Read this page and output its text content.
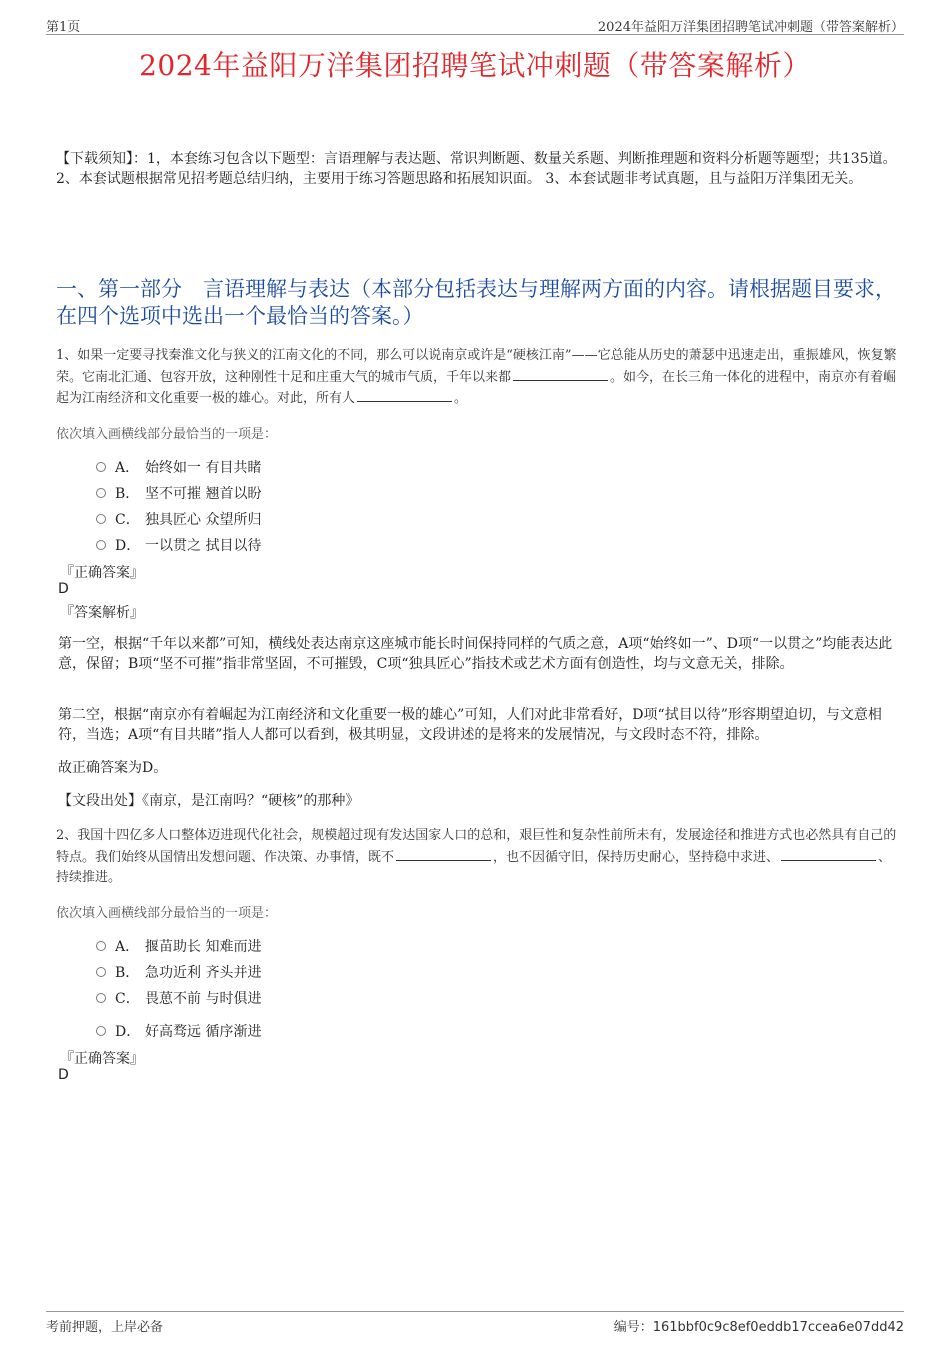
第1页	2024年益阳万洋集团招聘笔试冲刺题（带答案解析）
2024年益阳万洋集团招聘笔试冲刺题（带答案解析）
【下载须知】：1，本套练习包含以下题型：言语理解与表达题、常识判断题、数量关系题、判断推理题和资料分析题等题型；共135道。 2、本套试题根据常见招考题总结归纳，主要用于练习答题思路和拓展知识面。 3、本套试题非考试真题，且与益阳万洋集团无关。
一、第一部分　言语理解与表达（本部分包括表达与理解两方面的内容。请根据题目要求，在四个选项中选出一个最恰当的答案。）
1、如果一定要寻找秦淮文化与狭义的江南文化的不同，那么可以说南京或许是“硬核江南”——它总能从历史的萧瑟中迅速走出，重振雄风，恢复繁荣。它南北汇通、包容开放，这种刚性十足和庄重大气的城市气质，千年以来都	。如今，在长三角一体化的进程中，南京亦有着崛起为江南经济和文化重要一极的雄心。对此，所有人	。
依次填入画横线部分最恰当的一项是：
A． 始终如一 有目共睹
B． 坚不可摧 翘首以盼
C． 独具匠心 众望所归
D． 一以贯之 拭目以待
『正确答案』
D
『答案解析』
第一空，根据“千年以来都”可知，横线处表达南京这座城市能长时间保持同样的气质之意，A项“始终如一”、D项“一以贯之”均能表达此意，保留；B项“坚不可摧”指非常坚固，不可摧毁，C项“独具匠心”指技术或艺术方面有创造性，均与文意无关，排除。
第二空，根据“南京亦有着崛起为江南经济和文化重要一极的雄心”可知，人们对此非常看好，D项“拭目以待”形容期望迫切，与文意相符，当选；A项“有目共睹”指人人都可以看到，极其明显，文段讲述的是将来的发展情况，与文段时态不符，排除。
故正确答案为D。
【文段出处】《南京，是江南吗？“硬核”的那种》
2、我国十四亿多人口整体迈进现代化社会，规模超过现有发达国家人口的总和，艰巨性和复杂性前所未有，发展途径和推进方式也必然具有自己的特点。我们始终从国情出发想问题、作决策、办事情，既不	，也不因循守旧，保持历史耐心，坚持稳中求进、	、持续推进。
依次填入画横线部分最恰当的一项是：
A． 揠苗助长 知难而进
B． 急功近利 齐头并进
C． 畏葸不前 与时俱进
D． 好高骛远 循序渐进
『正确答案』
D
考前押题，上岸必备	编号：161bbf0c9c8ef0eddb17ccea6e07dd42
